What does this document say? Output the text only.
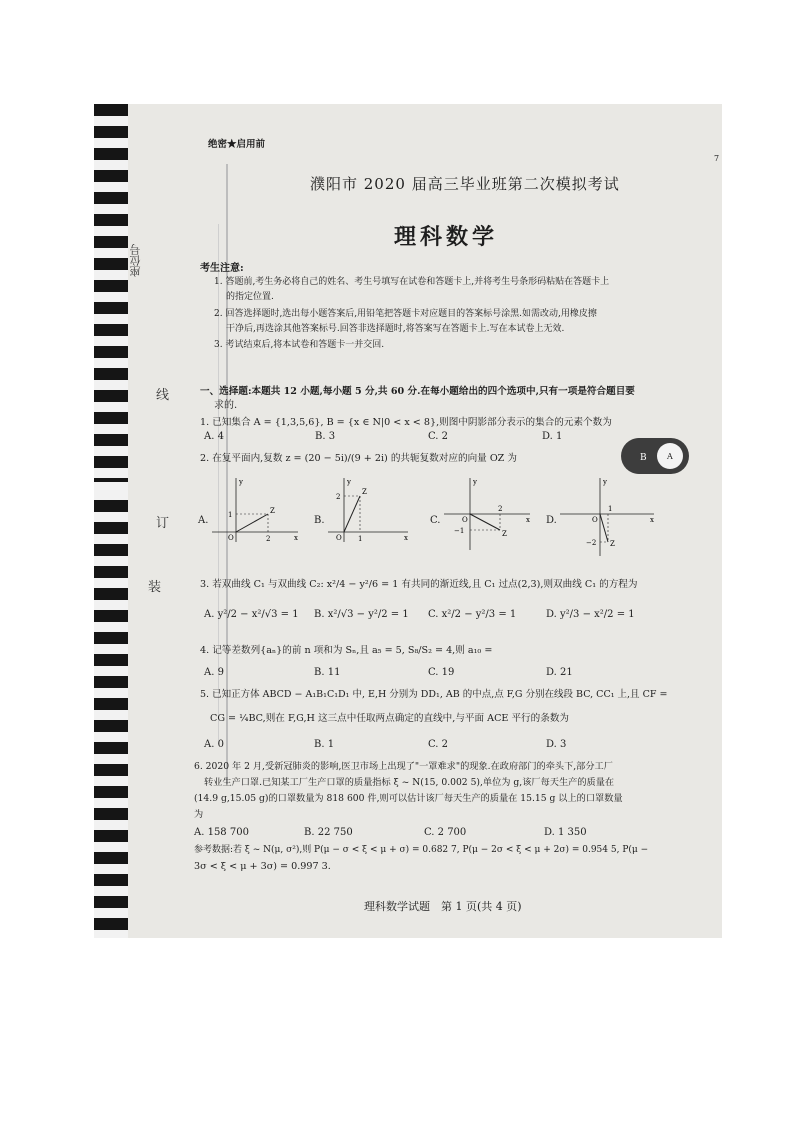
座位号
线
订
装
绝密★启用前
7
濮阳市 2020 届高三毕业班第二次模拟考试
理科数学
考生注意:
1. 答题前,考生务必将自己的姓名、考生号填写在试卷和答题卡上,并将考生号条形码粘贴在答题卡上
的指定位置.
2. 回答选择题时,选出每小题答案后,用铅笔把答题卡对应题目的答案标号涂黑.如需改动,用橡皮擦
干净后,再选涂其他答案标号.回答非选择题时,将答案写在答题卡上.写在本试卷上无效.
3. 考试结束后,将本试卷和答题卡一并交回.
一、选择题:本题共 12 小题,每小题 5 分,共 60 分.在每小题给出的四个选项中,只有一项是符合题目要
求的.
1. 已知集合 A = {1,3,5,6}, B = {x ∈ N|0 < x < 8},则图中阴影部分表示的集合的元素个数为
A. 4	B. 3	C. 2	D. 1
B	A
2. 在复平面内,复数 z = (20 − 5i)/(9 + 2i) 的共轭复数对应的向量 OZ 为
A.
y
x
O
Z
1
2
B.
y
x
O
Z
2
1
C.
y
x
O
Z
−1
2
D.
y
x
O
Z
−2
1
3. 若双曲线 C₁ 与双曲线 C₂: x²/4 − y²/6 = 1 有共同的渐近线,且 C₁ 过点(2,3),则双曲线 C₁ 的方程为
A. y²/2 − x²/√3 = 1 B. x²/√3 − y²/2 = 1 C. x²/2 − y²/3 = 1	D. y²/3 − x²/2 = 1
4. 记等差数列{aₙ}的前 n 项和为 Sₙ,且 a₅ = 5, S₈/S₂ = 4,则 a₁₀ =
A. 9	B. 11	C. 19	D. 21
5. 已知正方体 ABCD − A₁B₁C₁D₁ 中, E,H 分别为 DD₁, AB 的中点,点 F,G 分别在线段 BC, CC₁ 上,且 CF =
CG = ¼BC,则在 F,G,H 这三点中任取两点确定的直线中,与平面 ACE 平行的条数为
A. 0	B. 1	C. 2	D. 3
6. 2020 年 2 月,受新冠肺炎的影响,医卫市场上出现了"一罩难求"的现象.在政府部门的牵头下,部分工厂
转业生产口罩.已知某工厂生产口罩的质量指标 ξ ~ N(15, 0.002 5),单位为 g,该厂每天生产的质量在
(14.9 g,15.05 g)的口罩数量为 818 600 件,则可以估计该厂每天生产的质量在 15.15 g 以上的口罩数量
为
A. 158 700	B. 22 750	C. 2 700	D. 1 350
参考数据:若 ξ ~ N(μ, σ²),则 P(μ − σ < ξ < μ + σ) = 0.682 7, P(μ − 2σ < ξ < μ + 2σ) = 0.954 5, P(μ −
3σ < ξ < μ + 3σ) = 0.997 3.
理科数学试题　第 1 页(共 4 页)
